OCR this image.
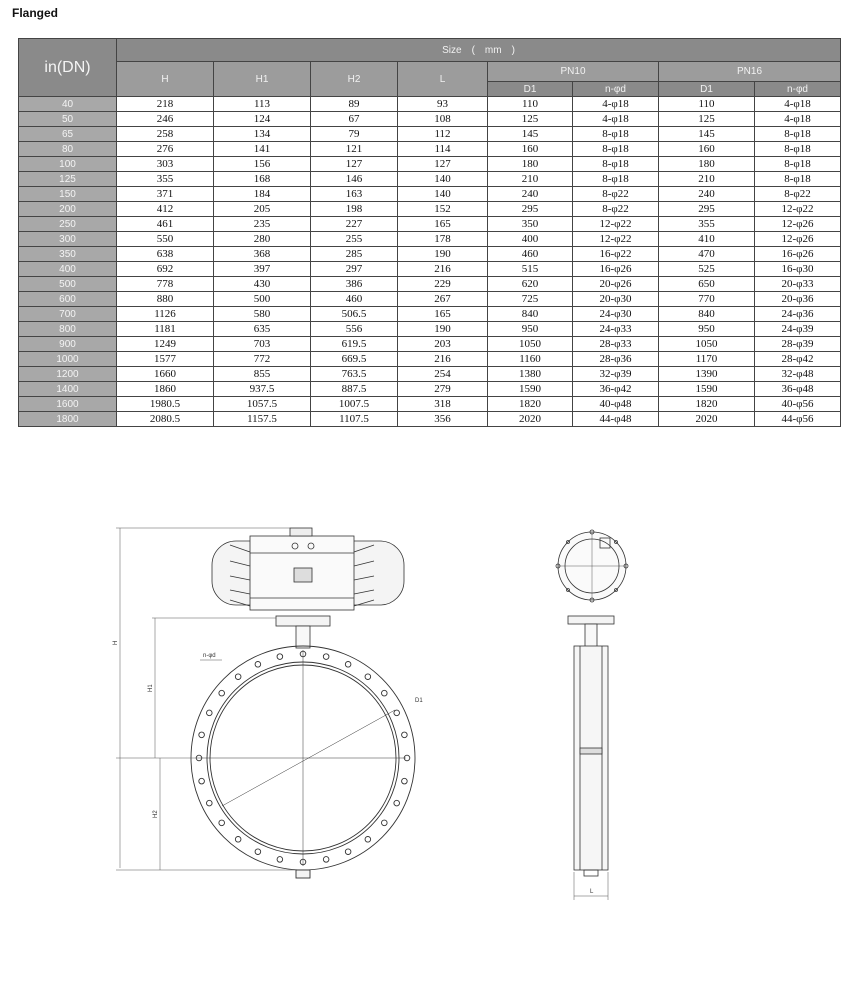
Flanged
in(DN)	Size　(　mm　)							
	H	H1	H2	L	PN10		PN16	
					D1	n-φd	D1	n-φd
40	218	113	89	93	110	4-φ18	110	4-φ18
50	246	124	67	108	125	4-φ18	125	4-φ18
65	258	134	79	112	145	8-φ18	145	8-φ18
80	276	141	121	114	160	8-φ18	160	8-φ18
100	303	156	127	127	180	8-φ18	180	8-φ18
125	355	168	146	140	210	8-φ18	210	8-φ18
150	371	184	163	140	240	8-φ22	240	8-φ22
200	412	205	198	152	295	8-φ22	295	12-φ22
250	461	235	227	165	350	12-φ22	355	12-φ26
300	550	280	255	178	400	12-φ22	410	12-φ26
350	638	368	285	190	460	16-φ22	470	16-φ26
400	692	397	297	216	515	16-φ26	525	16-φ30
500	778	430	386	229	620	20-φ26	650	20-φ33
600	880	500	460	267	725	20-φ30	770	20-φ36
700	1126	580	506.5	165	840	24-φ30	840	24-φ36
800	1181	635	556	190	950	24-φ33	950	24-φ39
900	1249	703	619.5	203	1050	28-φ33	1050	28-φ39
1000	1577	772	669.5	216	1160	28-φ36	1170	28-φ42
1200	1660	855	763.5	254	1380	32-φ39	1390	32-φ48
1400	1860	937.5	887.5	279	1590	36-φ42	1590	36-φ48
1600	1980.5	1057.5	1007.5	318	1820	40-φ48	1820	40-φ56
1800	2080.5	1157.5	1107.5	356	2020	44-φ48	2020	44-φ56
H
H1
H2
D1
n-φd
L
